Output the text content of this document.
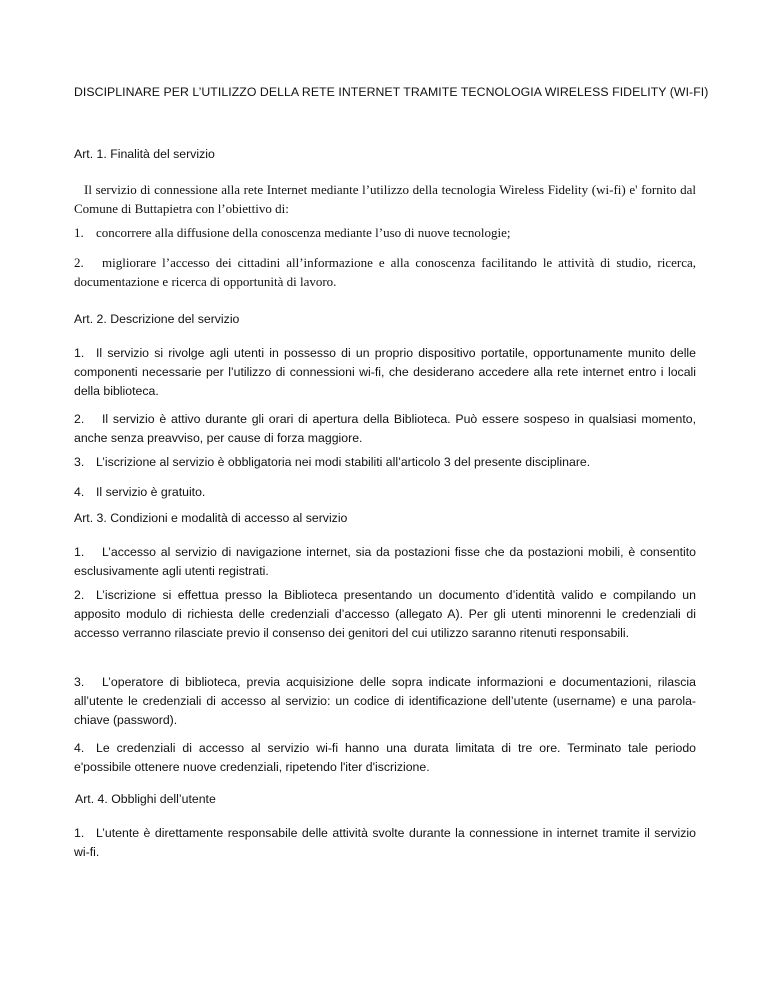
DISCIPLINARE PER L’UTILIZZO DELLA RETE INTERNET TRAMITE TECNOLOGIA WIRELESS FIDELITY (WI-FI)
Art. 1. Finalità del servizio
Il servizio di connessione alla rete Internet mediante l’utilizzo della tecnologia Wireless Fidelity (wi-fi) e' fornito dal Comune di Buttapietra con l’obiettivo di:
1. concorrere alla diffusione della conoscenza mediante l’uso di nuove tecnologie;
2. migliorare l’accesso dei cittadini all’informazione e alla conoscenza facilitando le attività di studio, ricerca, documentazione e ricerca di opportunità di lavoro.
Art. 2. Descrizione del servizio
1. Il servizio si rivolge agli utenti in possesso di un proprio dispositivo portatile, opportunamente munito delle componenti necessarie per l’utilizzo di connessioni wi-fi, che desiderano accedere alla rete internet entro i locali della biblioteca.
2. Il servizio è attivo durante gli orari di apertura della Biblioteca. Può essere sospeso in qualsiasi momento, anche senza preavviso, per cause di forza maggiore.
3. L’iscrizione al servizio è obbligatoria nei modi stabiliti all’articolo 3 del presente disciplinare.
4. Il servizio è gratuito.
Art. 3. Condizioni e modalità di accesso al servizio
1. L’accesso al servizio di navigazione internet, sia da postazioni fisse che da postazioni mobili, è consentito esclusivamente agli utenti registrati.
2. L’iscrizione si effettua presso la Biblioteca presentando un documento d’identità valido e compilando un apposito modulo di richiesta delle credenziali d’accesso (allegato A). Per gli utenti minorenni le credenziali di accesso verranno rilasciate previo il consenso dei genitori del cui utilizzo saranno ritenuti responsabili.
3. L’operatore di biblioteca, previa acquisizione delle sopra indicate informazioni e documentazioni, rilascia all’utente le credenziali di accesso al servizio: un codice di identificazione dell’utente (username) e una parola-chiave (password).
4. Le credenziali di accesso al servizio wi-fi hanno una durata limitata di tre ore. Terminato tale periodo e'possibile ottenere nuove credenziali, ripetendo l'iter d'iscrizione.
Art. 4. Obblighi dell’utente
1. L’utente è direttamente responsabile delle attività svolte durante la connessione in internet tramite il servizio wi-fi.
